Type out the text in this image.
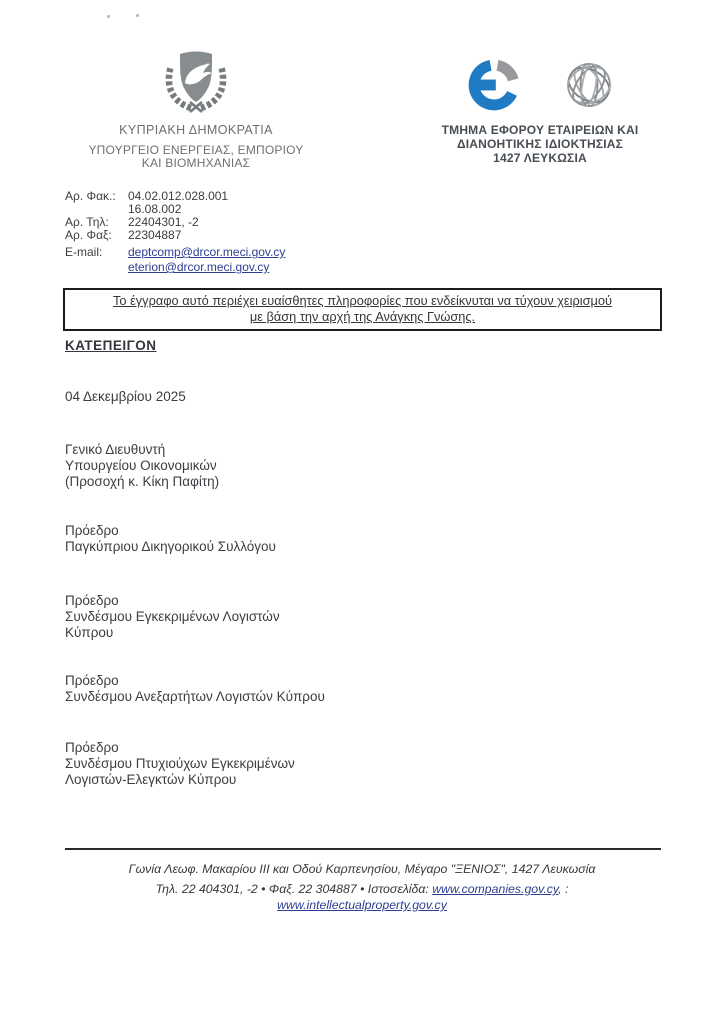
ΚΥΠΡΙΑΚΗ ΔΗΜΟΚΡΑΤΙΑ
ΥΠΟΥΡΓΕΙΟ ΕΝΕΡΓΕΙΑΣ, ΕΜΠΟΡΙΟΥ
ΚΑΙ ΒΙΟΜΗΧΑΝΙΑΣ
ΤΜΗΜΑ ΕΦΟΡΟΥ ΕΤΑΙΡΕΙΩΝ ΚΑΙ
ΔΙΑΝΟΗΤΙΚΗΣ ΙΔΙΟΚΤΗΣΙΑΣ
1427 ΛΕΥΚΩΣΙΑ
Αρ. Φακ.: 04.02.012.028.001
16.08.002
Αρ. Τηλ: 22404301, -2
Αρ. Φαξ: 22304887
E-mail: deptcomp@drcor.meci.gov.cy
eterion@drcor.meci.gov.cy
Το έγγραφο αυτό περιέχει ευαίσθητες πληροφορίες που ενδείκνυται να τύχουν χειρισμού
με βάση την αρχή της Ανάγκης Γνώσης.
ΚΑΤΕΠΕΙΓΟΝ
04 Δεκεμβρίου 2025
Γενικό Διευθυντή
Υπουργείου Οικονομικών
(Προσοχή κ. Κίκη Παφίτη)
Πρόεδρο
Παγκύπριου Δικηγορικού Συλλόγου
Πρόεδρο
Συνδέσμου Εγκεκριμένων Λογιστών
Κύπρου
Πρόεδρο
Συνδέσμου Ανεξαρτήτων Λογιστών Κύπρου
Πρόεδρο
Συνδέσμου Πτυχιούχων Εγκεκριμένων
Λογιστών-Ελεγκτών Κύπρου
Γωνία Λεωφ. Μακαρίου III και Οδού Καρπενησίου, Μέγαρο "ΞΕΝΙΟΣ", 1427 Λευκωσία
Τηλ. 22 404301, -2 • Φαξ. 22 304887 • Ιστοσελίδα: www.companies.gov.cy, :
www.intellectualproperty.gov.cy
